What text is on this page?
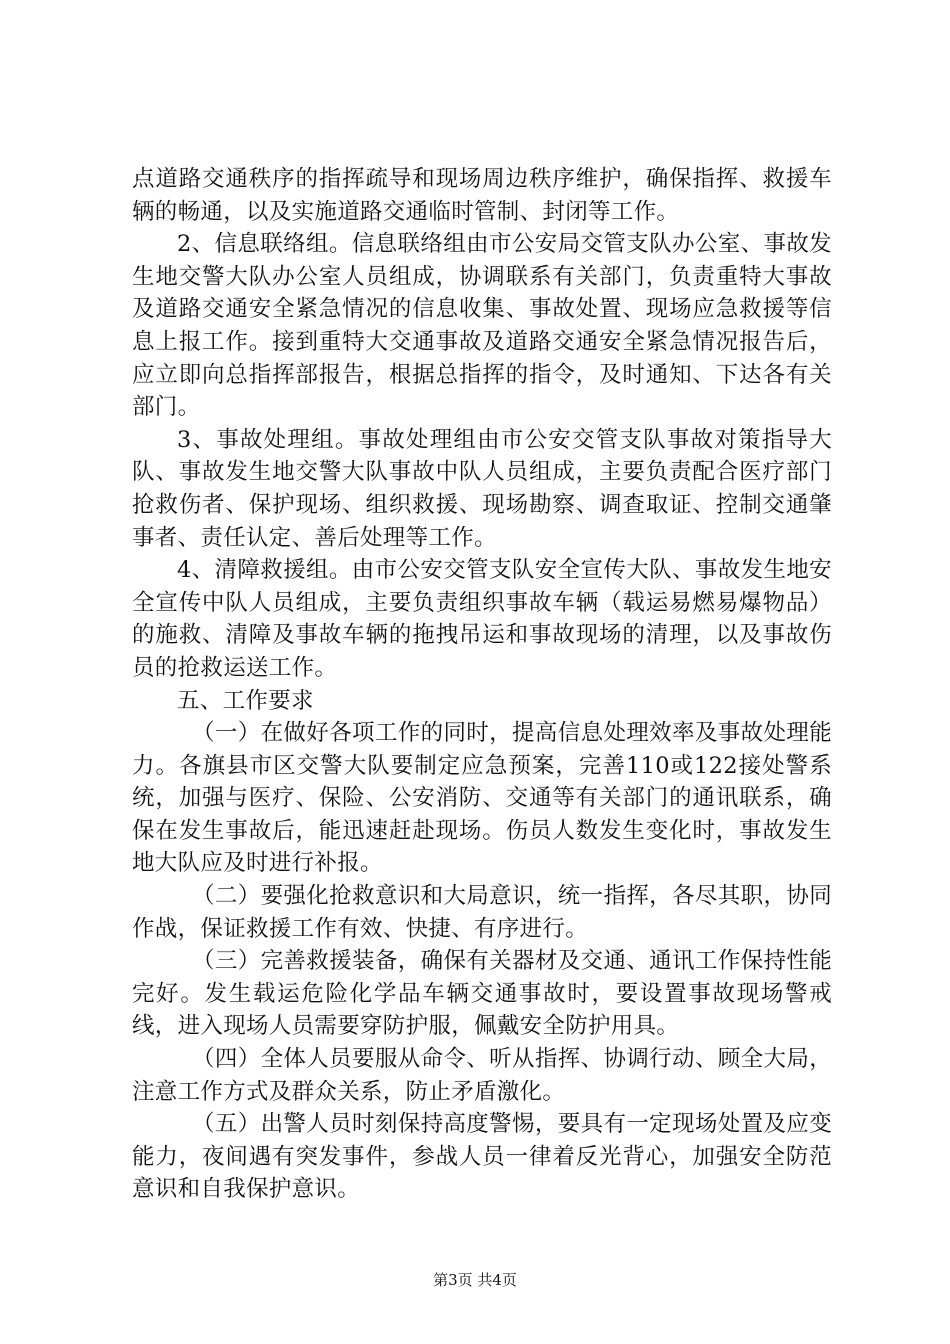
点道路交通秩序的指挥疏导和现场周边秩序维护，确保指挥、救援车辆的畅通，以及实施道路交通临时管制、封闭等工作。

2、信息联络组。信息联络组由市公安局交管支队办公室、事故发生地交警大队办公室人员组成，协调联系有关部门，负责重特大事故及道路交通安全紧急情况的信息收集、事故处置、现场应急救援等信息上报工作。接到重特大交通事故及道路交通安全紧急情况报告后，应立即向总指挥部报告，根据总指挥的指令，及时通知、下达各有关部门。

3、事故处理组。事故处理组由市公安交管支队事故对策指导大队、事故发生地交警大队事故中队人员组成，主要负责配合医疗部门抢救伤者、保护现场、组织救援、现场勘察、调查取证、控制交通肇事者、责任认定、善后处理等工作。

4、清障救援组。由市公安交管支队安全宣传大队、事故发生地安全宣传中队人员组成，主要负责组织事故车辆（载运易燃易爆物品）的施救、清障及事故车辆的拖拽吊运和事故现场的清理，以及事故伤员的抢救运送工作。

五、工作要求

（一）在做好各项工作的同时，提高信息处理效率及事故处理能力。各旗县市区交警大队要制定应急预案，完善110或122接处警系统，加强与医疗、保险、公安消防、交通等有关部门的通讯联系，确保在发生事故后，能迅速赶赴现场。伤员人数发生变化时，事故发生地大队应及时进行补报。

（二）要强化抢救意识和大局意识，统一指挥，各尽其职，协同作战，保证救援工作有效、快捷、有序进行。

（三）完善救援装备，确保有关器材及交通、通讯工作保持性能完好。发生载运危险化学品车辆交通事故时，要设置事故现场警戒线，进入现场人员需要穿防护服，佩戴安全防护用具。

（四）全体人员要服从命令、听从指挥、协调行动、顾全大局，注意工作方式及群众关系，防止矛盾激化。

（五）出警人员时刻保持高度警惕，要具有一定现场处置及应变能力，夜间遇有突发事件，参战人员一律着反光背心，加强安全防范意识和自我保护意识。

第3页 共4页
